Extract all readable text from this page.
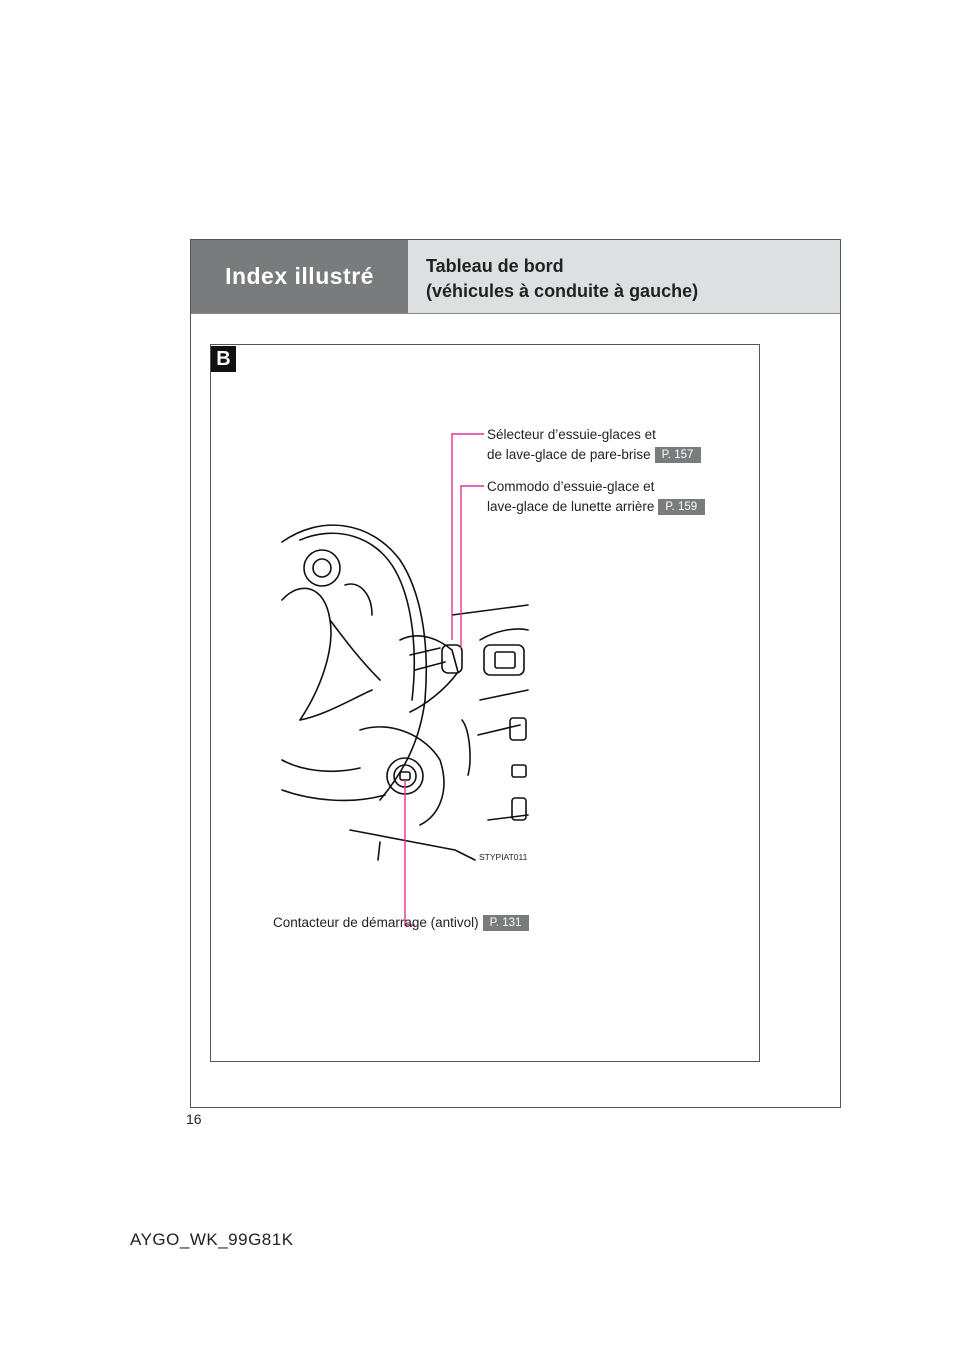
Index illustré	Tableau de bord
(véhicules à conduite à gauche)
B
STYPIAT011
Sélecteur d’essuie-glaces et
de lave-glace de pare-brise P. 157
Commodo d’essuie-glace et
lave-glace de lunette arrière P. 159
Contacteur de démarrage (antivol) P. 131
16
AYGO_WK_99G81K
